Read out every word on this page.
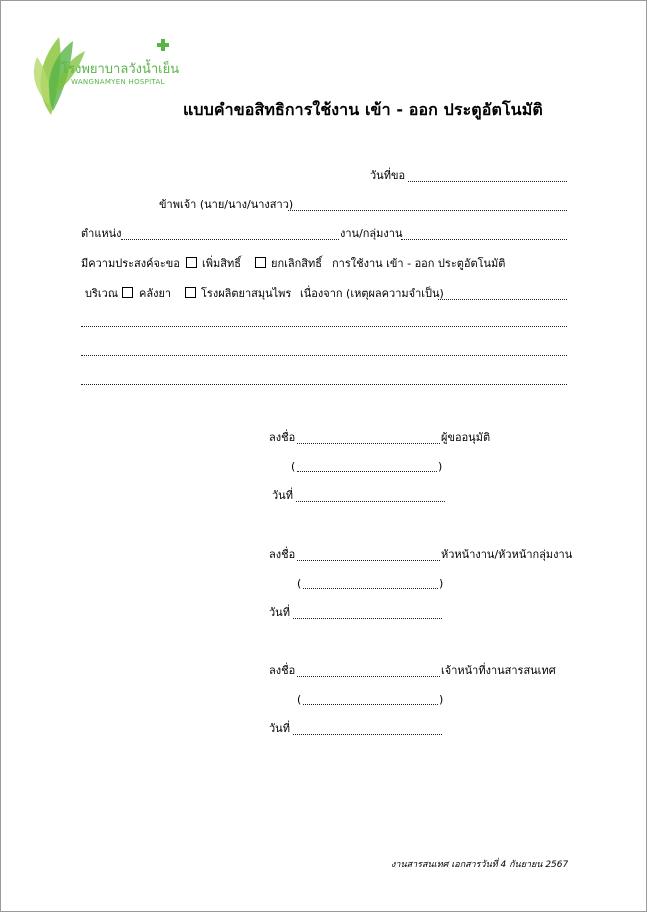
โรงพยาบาลวังน้ำเย็น
WANGNAMYEN HOSPITAL
แบบคำขอสิทธิการใช้งาน เข้า - ออก ประตูอัตโนมัติ
วันที่ขอ
ข้าพเจ้า (นาย/นาง/นางสาว)
ตำแหน่ง	งาน/กลุ่มงาน
มีความประสงค์จะขอ เพิ่มสิทธิ์	ยกเลิกสิทธิ์ การใช้งาน เข้า - ออก ประตูอัตโนมัติ
บริเวณ คลังยา	โรงผลิตยาสมุนไพร เนื่องจาก (เหตุผลความจำเป็น)
ลงชื่อ	ผู้ขออนุมัติ
(	)
วันที่
ลงชื่อ	หัวหน้างาน/หัวหน้ากลุ่มงาน
(	)
วันที่
ลงชื่อ	เจ้าหน้าที่งานสารสนเทศ
(	)
วันที่
งานสารสนเทศ เอกสารวันที่ 4 กันยายน 2567
